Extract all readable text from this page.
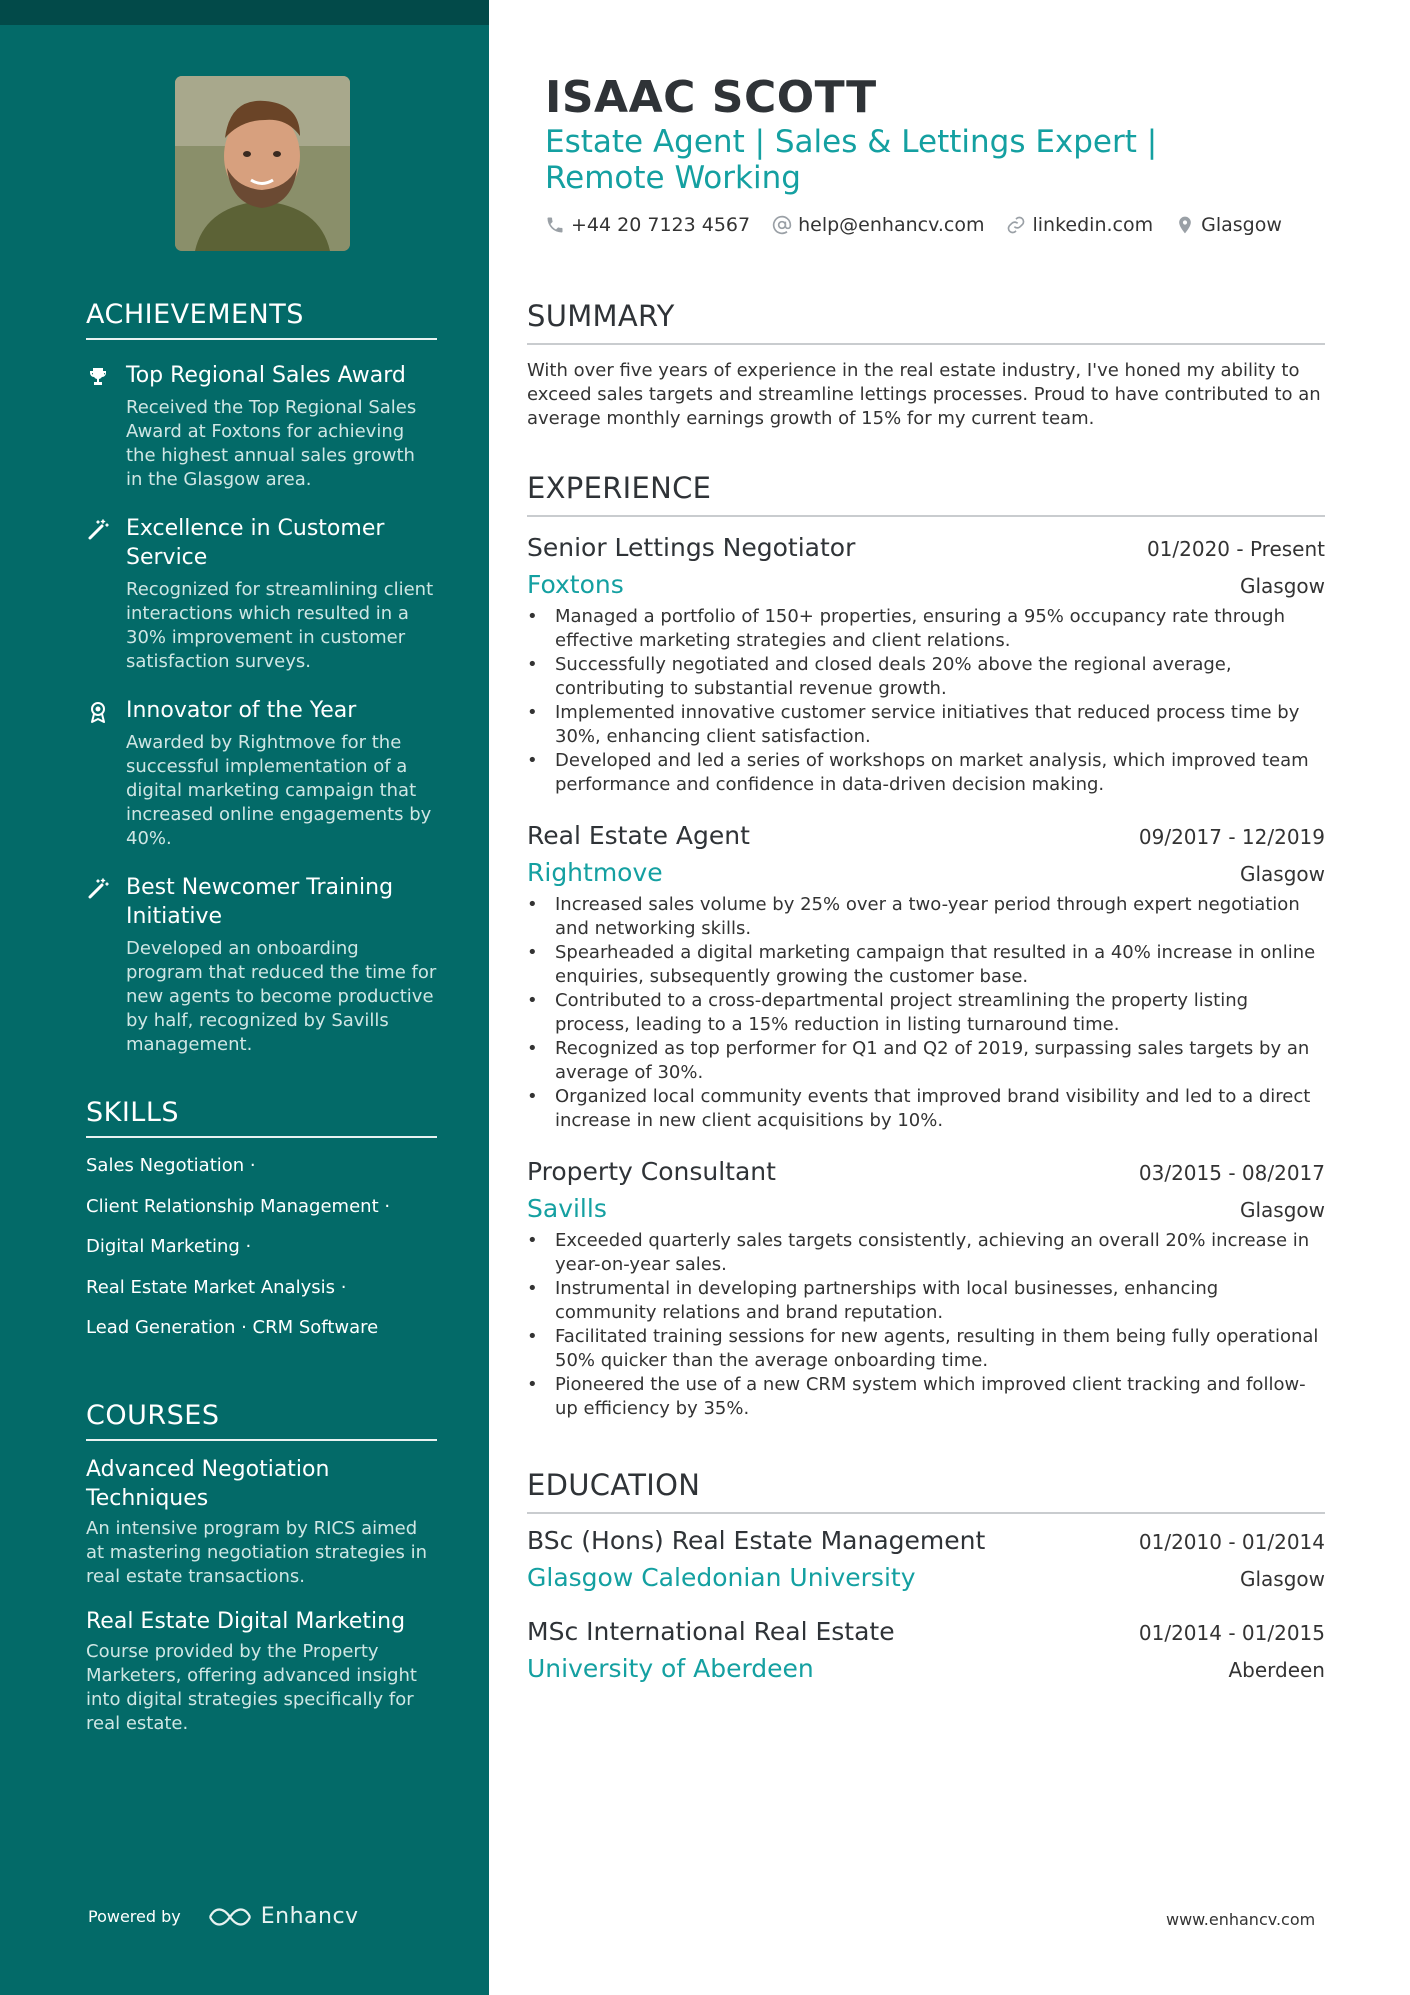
ACHIEVEMENTS
Top Regional Sales Award
Received the Top Regional Sales Award at Foxtons for achieving the highest annual sales growth in the Glasgow area.
Excellence in Customer Service
Recognized for streamlining client interactions which resulted in a 30% improvement in customer satisfaction surveys.
Innovator of the Year
Awarded by Rightmove for the successful implementation of a digital marketing campaign that increased online engagements by 40%.
Best Newcomer Training Initiative
Developed an onboarding program that reduced the time for new agents to become productive by half, recognized by Savills management.
SKILLS
Sales Negotiation ·
Client Relationship Management ·
Digital Marketing ·
Real Estate Market Analysis ·
Lead Generation · CRM Software
COURSES
Advanced Negotiation Techniques
An intensive program by RICS aimed at mastering negotiation strategies in real estate transactions.
Real Estate Digital Marketing
Course provided by the Property Marketers, offering advanced insight into digital strategies specifically for real estate.
Powered by	Enhancv
ISAAC SCOTT
Estate Agent | Sales & Lettings Expert | Remote Working
+44 20 7123 4567	help@enhancv.com	linkedin.com	Glasgow
SUMMARY
With over five years of experience in the real estate industry, I've honed my ability to exceed sales targets and streamline lettings processes. Proud to have contributed to an average monthly earnings growth of 15% for my current team.
EXPERIENCE
Senior Lettings Negotiator	01/2020 - Present
Foxtons	Glasgow
• Managed a portfolio of 150+ properties, ensuring a 95% occupancy rate through effective marketing strategies and client relations.
• Successfully negotiated and closed deals 20% above the regional average, contributing to substantial revenue growth.
• Implemented innovative customer service initiatives that reduced process time by 30%, enhancing client satisfaction.
• Developed and led a series of workshops on market analysis, which improved team performance and confidence in data-driven decision making.
Real Estate Agent	09/2017 - 12/2019
Rightmove	Glasgow
• Increased sales volume by 25% over a two-year period through expert negotiation and networking skills.
• Spearheaded a digital marketing campaign that resulted in a 40% increase in online enquiries, subsequently growing the customer base.
• Contributed to a cross-departmental project streamlining the property listing process, leading to a 15% reduction in listing turnaround time.
• Recognized as top performer for Q1 and Q2 of 2019, surpassing sales targets by an average of 30%.
• Organized local community events that improved brand visibility and led to a direct increase in new client acquisitions by 10%.
Property Consultant	03/2015 - 08/2017
Savills	Glasgow
• Exceeded quarterly sales targets consistently, achieving an overall 20% increase in year-on-year sales.
• Instrumental in developing partnerships with local businesses, enhancing community relations and brand reputation.
• Facilitated training sessions for new agents, resulting in them being fully operational 50% quicker than the average onboarding time.
• Pioneered the use of a new CRM system which improved client tracking and follow-up efficiency by 35%.
EDUCATION
BSc (Hons) Real Estate Management	01/2010 - 01/2014
Glasgow Caledonian University	Glasgow
MSc International Real Estate	01/2014 - 01/2015
University of Aberdeen	Aberdeen
www.enhancv.com
